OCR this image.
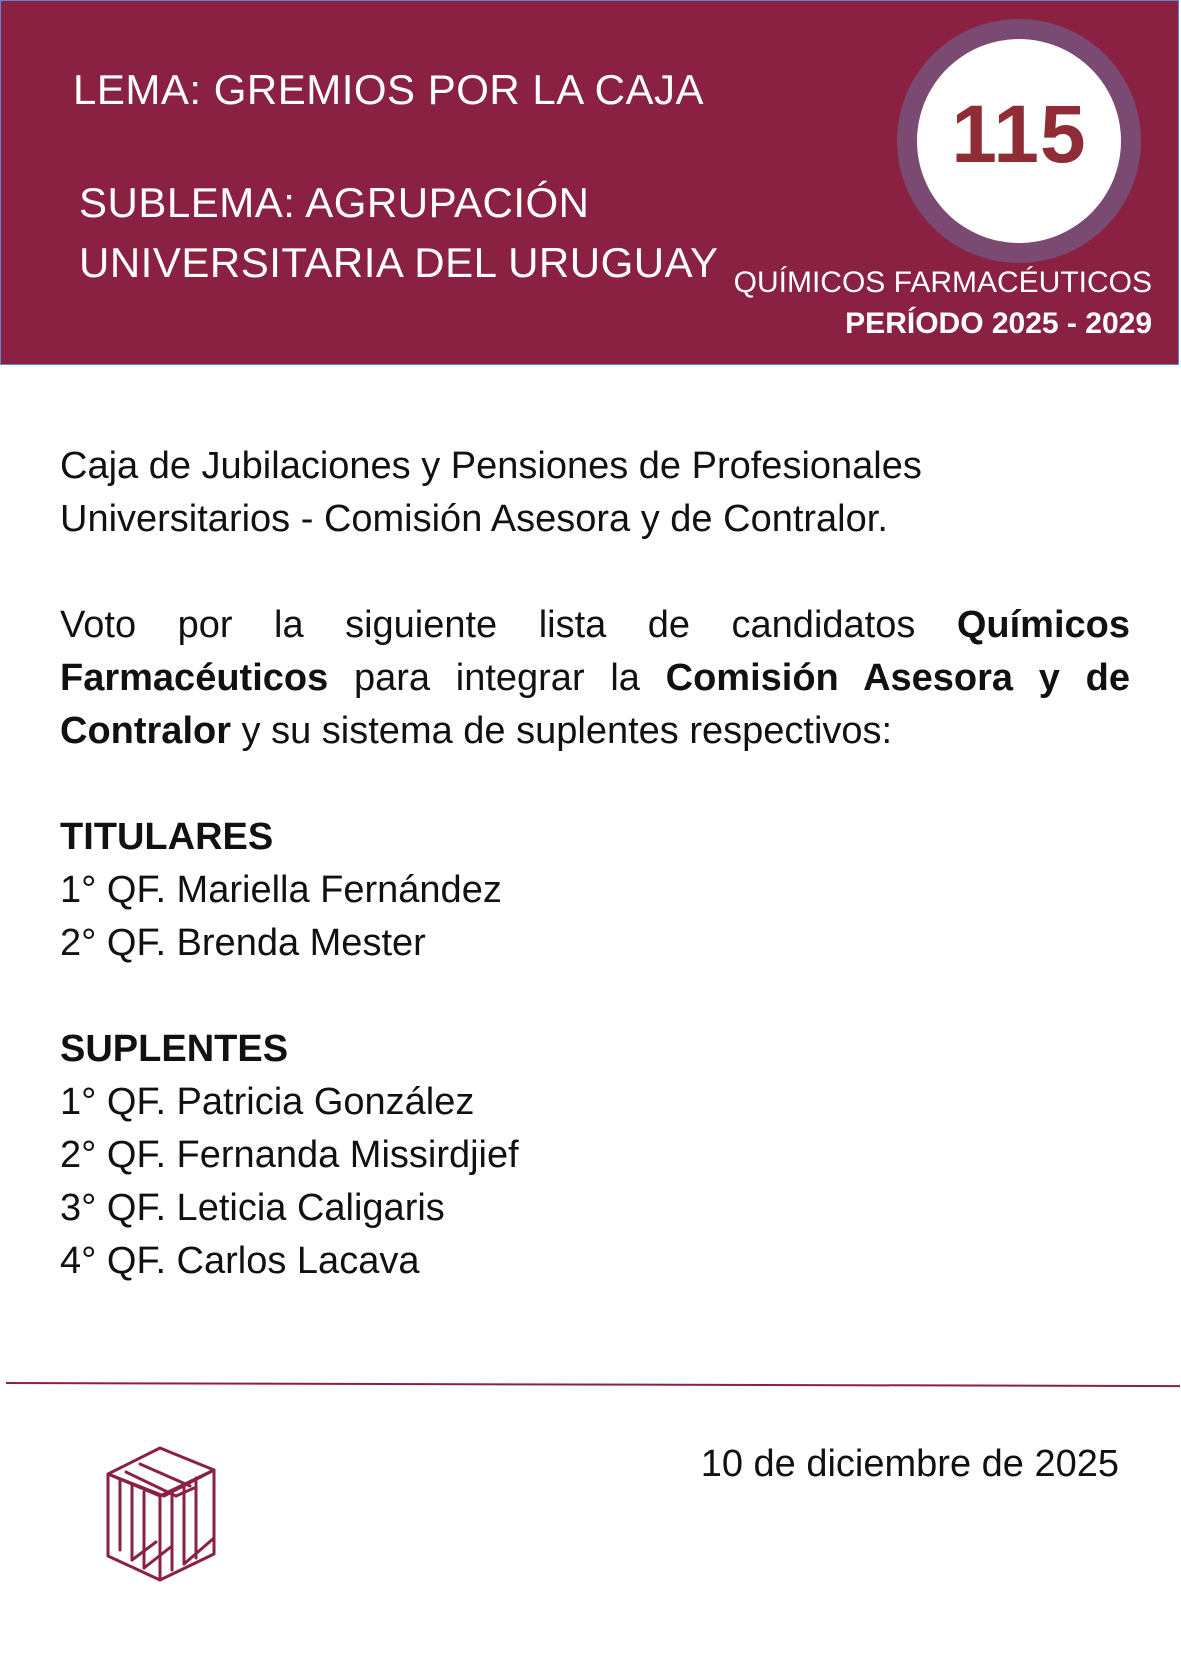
LEMA: GREMIOS POR LA CAJA
SUBLEMA: AGRUPACIÓN
UNIVERSITARIA DEL URUGUAY
115
QUÍMICOS FARMACÉUTICOS
PERÍODO 2025 - 2029

Caja de Jubilaciones y Pensiones de Profesionales
Universitarios - Comisión Asesora y de Contralor.

Voto por la siguiente lista de candidatos Químicos Farmacéuticos para integrar la Comisión Asesora y de Contralor y su sistema de suplentes respectivos:

TITULARES
1° QF. Mariella Fernández
2° QF. Brenda Mester
SUPLENTES
1° QF. Patricia González
2° QF. Fernanda Missirdjief
3° QF. Leticia Caligaris
4° QF. Carlos Lacava
10 de diciembre de 2025
